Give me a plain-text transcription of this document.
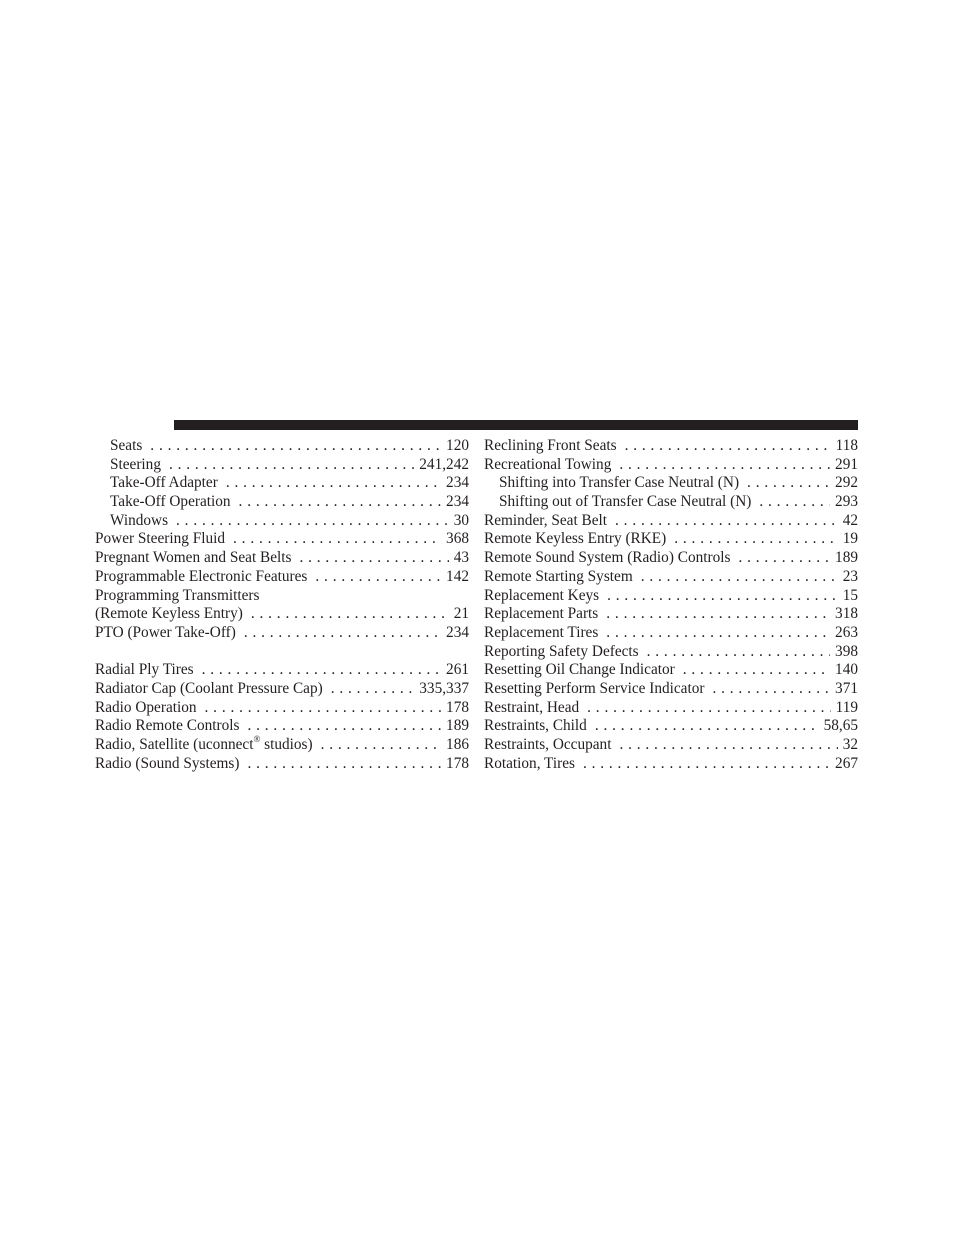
Seats . . .	120
Steering . . .	241,242
Take-Off Adapter . . .	234
Take-Off Operation . . .	234
Windows . . .	30
Power Steering Fluid . . .	368
Pregnant Women and Seat Belts . . .	43
Programmable Electronic Features . . .	142
Programming Transmitters
(Remote Keyless Entry) . . .	21
PTO (Power Take-Off) . . .	234
Radial Ply Tires . . .	261
Radiator Cap (Coolant Pressure Cap) . . .	335,337
Radio Operation . . .	178
Radio Remote Controls . . .	189
Radio, Satellite (uconnect® studios) . . .	186
Radio (Sound Systems) . . .	178
Reclining Front Seats . . .	118
Recreational Towing . . .	291
Shifting into Transfer Case Neutral (N) . . .	292
Shifting out of Transfer Case Neutral (N) . . .	293
Reminder, Seat Belt . . .	42
Remote Keyless Entry (RKE) . . .	19
Remote Sound System (Radio) Controls . . .	189
Remote Starting System . . .	23
Replacement Keys . . .	15
Replacement Parts . . .	318
Replacement Tires . . .	263
Reporting Safety Defects . . .	398
Resetting Oil Change Indicator . . .	140
Resetting Perform Service Indicator . . .	371
Restraint, Head . . .	119
Restraints, Child . . .	58,65
Restraints, Occupant . . .	32
Rotation, Tires . . .	267
